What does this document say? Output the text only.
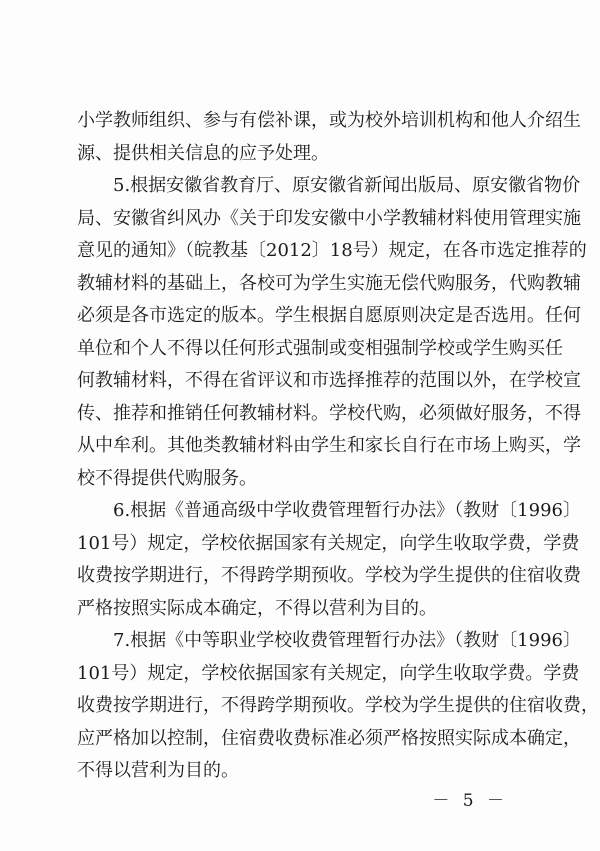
小学教师组织、参与有偿补课，或为校外培训机构和他人介绍生
源、提供相关信息的应予处理。
　　5.根据安徽省教育厅、原安徽省新闻出版局、原安徽省物价
局、安徽省纠风办《关于印发安徽中小学教辅材料使用管理实施
意见的通知》（皖教基〔2012〕18号）规定，在各市选定推荐的
教辅材料的基础上，各校可为学生实施无偿代购服务，代购教辅
必须是各市选定的版本。学生根据自愿原则决定是否选用。任何
单位和个人不得以任何形式强制或变相强制学校或学生购买任
何教辅材料，不得在省评议和市选择推荐的范围以外，在学校宣
传、推荐和推销任何教辅材料。学校代购，必须做好服务，不得
从中牟利。其他类教辅材料由学生和家长自行在市场上购买，学
校不得提供代购服务。
　　6.根据《普通高级中学收费管理暂行办法》（教财〔1996〕
101号）规定，学校依据国家有关规定，向学生收取学费，学费
收费按学期进行，不得跨学期预收。学校为学生提供的住宿收费
严格按照实际成本确定，不得以营利为目的。
　　7.根据《中等职业学校收费管理暂行办法》（教财〔1996〕
101号）规定，学校依据国家有关规定，向学生收取学费。学费
收费按学期进行，不得跨学期预收。学校为学生提供的住宿收费，
应严格加以控制，住宿费收费标准必须严格按照实际成本确定，
不得以营利为目的。
－ 5 －
